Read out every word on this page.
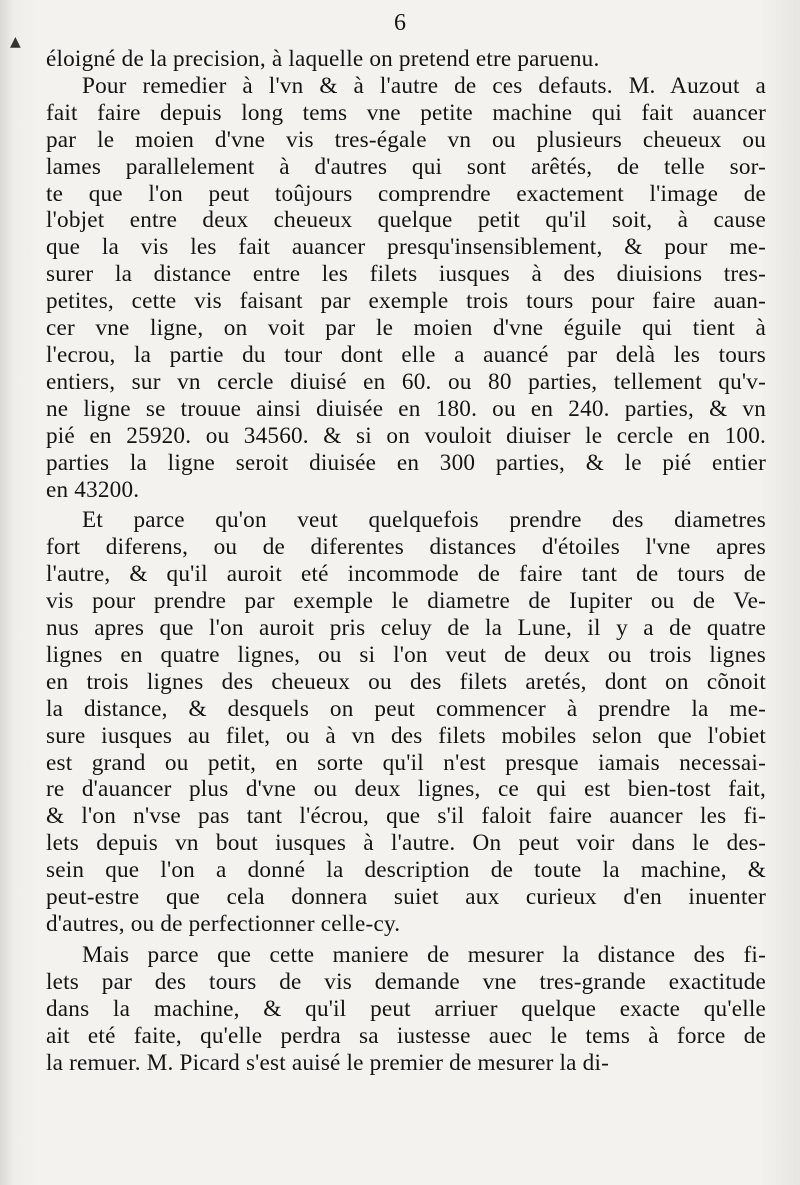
▲
6
éloigné de la precision, à laquelle on pretend etre paruenu.
Pour remedier à l'vn & à l'autre de ces defauts. M. Auzout a
fait faire depuis long tems vne petite machine qui fait auancer
par le moien d'vne vis tres-égale vn ou plusieurs cheueux ou
lames parallelement à d'autres qui sont arêtés, de telle sor-
te que l'on peut toûjours comprendre exactement l'image de
l'objet entre deux cheueux quelque petit qu'il soit, à cause
que la vis les fait auancer presqu'insensiblement, & pour me-
surer la distance entre les filets iusques à des diuisions tres-
petites, cette vis faisant par exemple trois tours pour faire auan-
cer vne ligne, on voit par le moien d'vne éguile qui tient à
l'ecrou, la partie du tour dont elle a auancé par delà les tours
entiers, sur vn cercle diuisé en 60. ou 80 parties, tellement qu'v-
ne ligne se trouue ainsi diuisée en 180. ou en 240. parties, & vn
pié en 25920. ou 34560. & si on vouloit diuiser le cercle en 100.
parties la ligne seroit diuisée en 300 parties, & le pié entier
en 43200.
Et parce qu'on veut quelquefois prendre des diametres
fort diferens, ou de diferentes distances d'étoiles l'vne apres
l'autre, & qu'il auroit eté incommode de faire tant de tours de
vis pour prendre par exemple le diametre de Iupiter ou de Ve-
nus apres que l'on auroit pris celuy de la Lune, il y a de quatre
lignes en quatre lignes, ou si l'on veut de deux ou trois lignes
en trois lignes des cheueux ou des filets aretés, dont on cõnoit
la distance, & desquels on peut commencer à prendre la me-
sure iusques au filet, ou à vn des filets mobiles selon que l'obiet
est grand ou petit, en sorte qu'il n'est presque iamais necessai-
re d'auancer plus d'vne ou deux lignes, ce qui est bien-tost fait,
& l'on n'vse pas tant l'écrou, que s'il faloit faire auancer les fi-
lets depuis vn bout iusques à l'autre. On peut voir dans le des-
sein que l'on a donné la description de toute la machine, &
peut-estre que cela donnera suiet aux curieux d'en inuenter
d'autres, ou de perfectionner celle-cy.
Mais parce que cette maniere de mesurer la distance des fi-
lets par des tours de vis demande vne tres-grande exactitude
dans la machine, & qu'il peut arriuer quelque exacte qu'elle
ait eté faite, qu'elle perdra sa iustesse auec le tems à force de
la remuer. M. Picard s'est auisé le premier de mesurer la di-
